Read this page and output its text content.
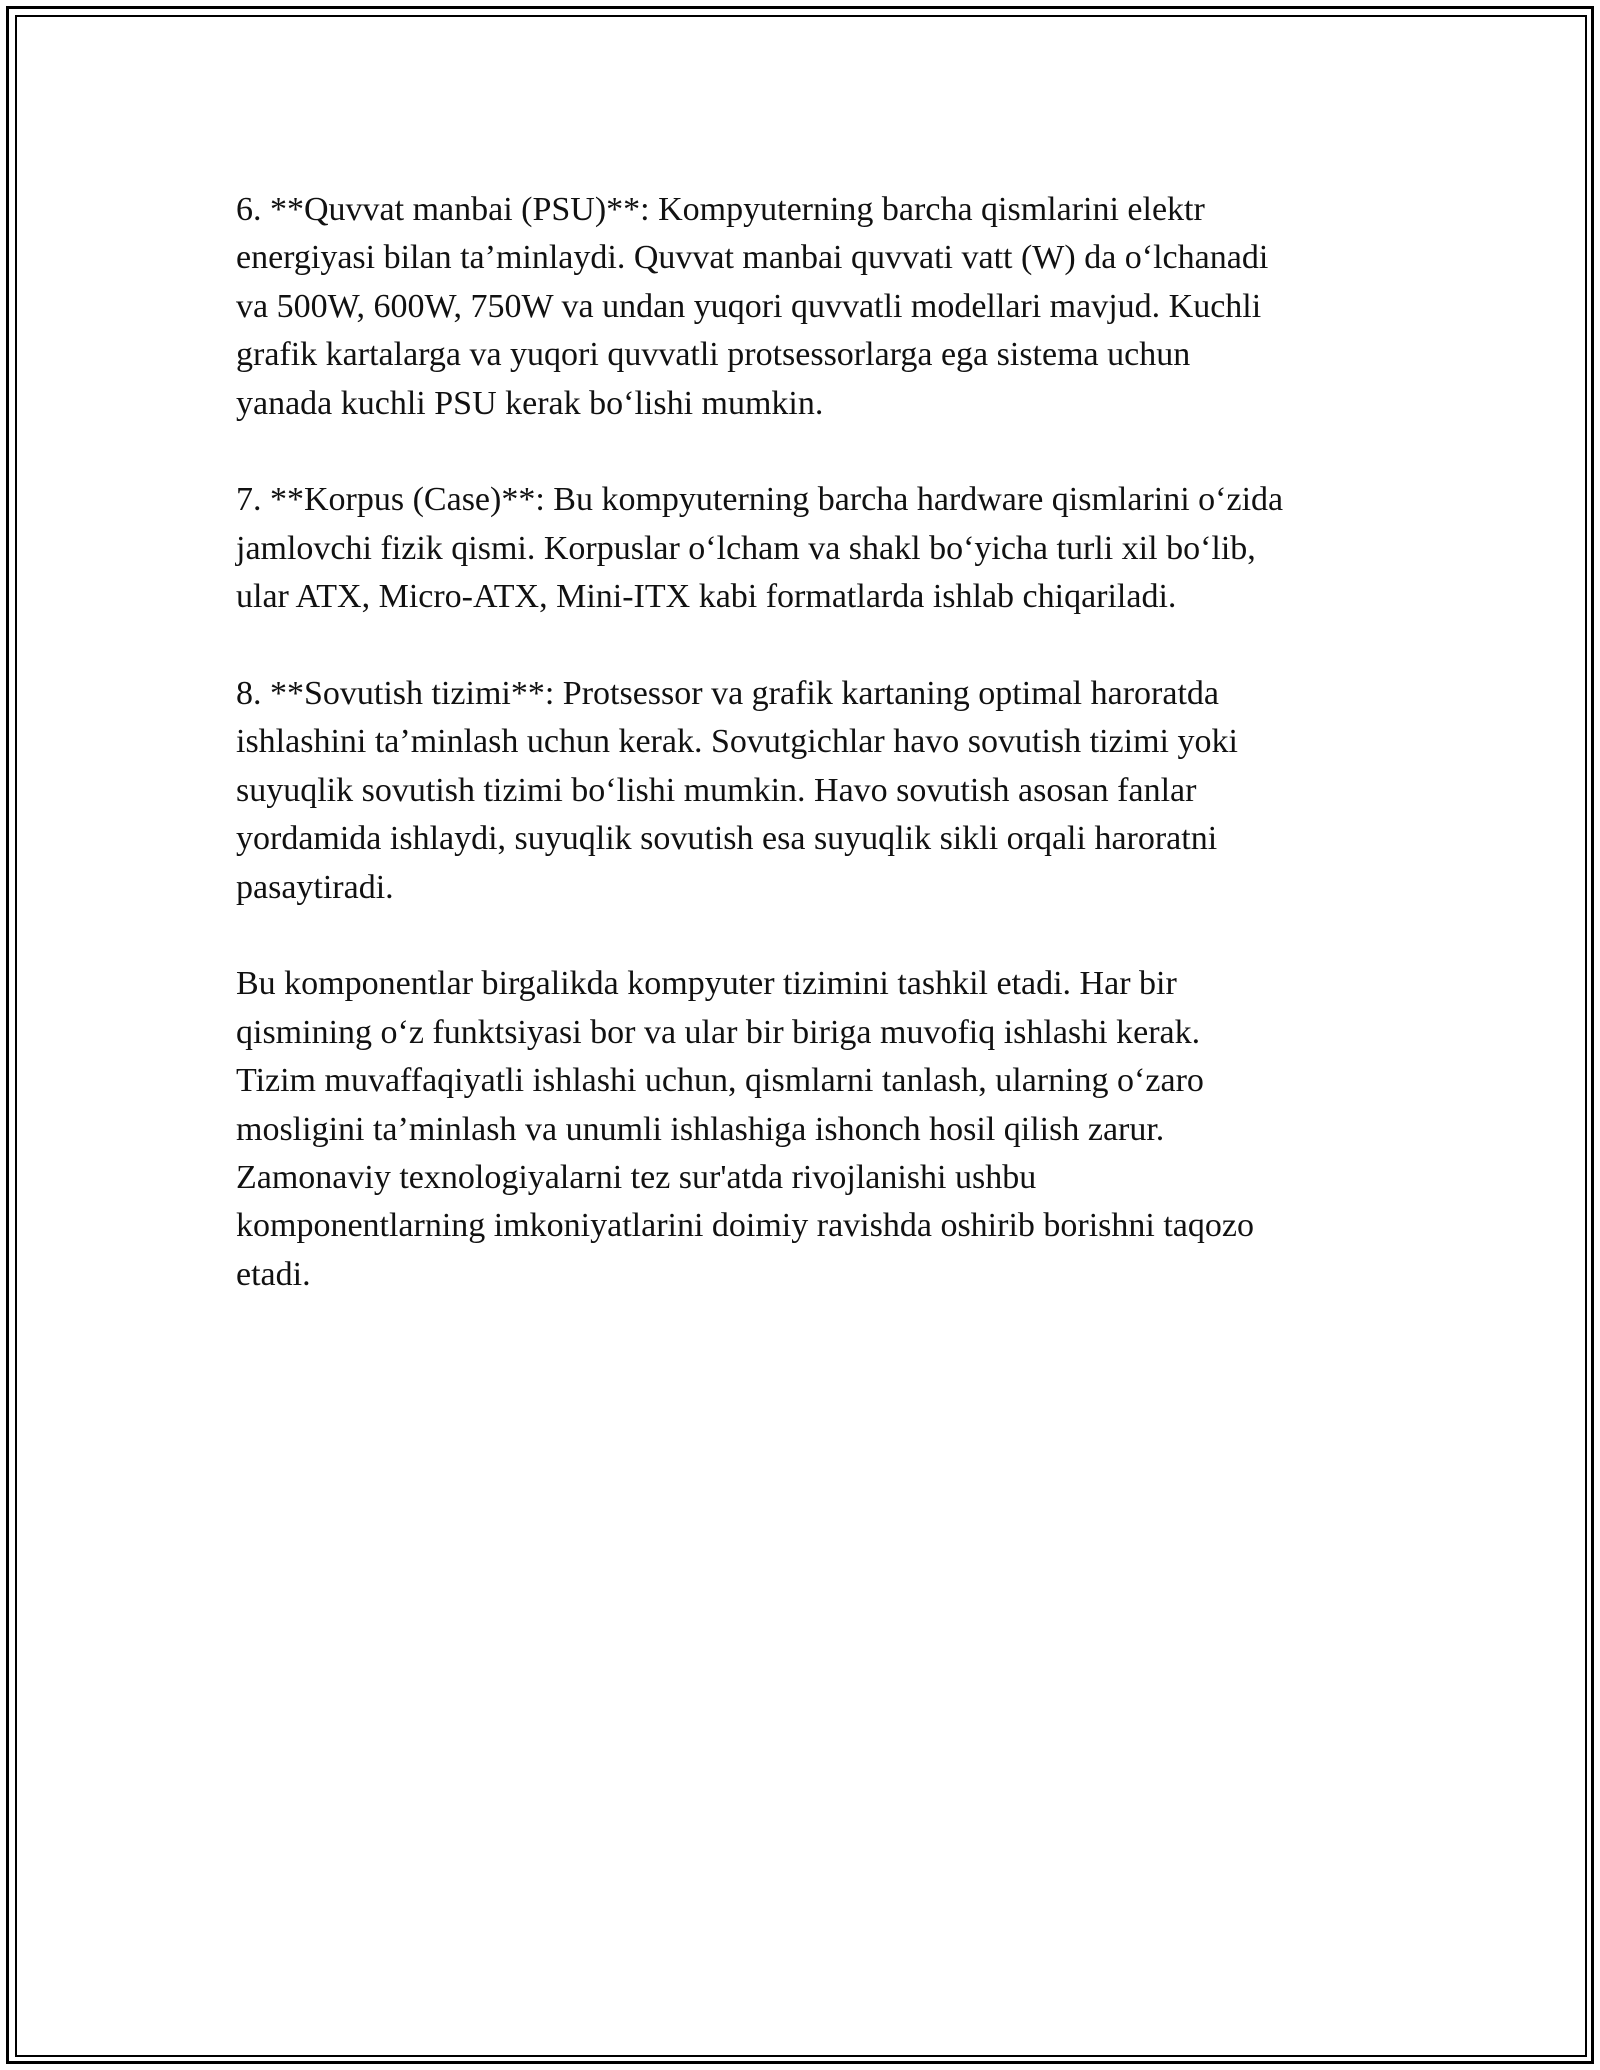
6. **Quvvat manbai (PSU)**: Kompyuterning barcha qismlarini elektr
energiyasi bilan ta’minlaydi. Quvvat manbai quvvati vatt (W) da o‘lchanadi
va 500W, 600W, 750W va undan yuqori quvvatli modellari mavjud. Kuchli
grafik kartalarga va yuqori quvvatli protsessorlarga ega sistema uchun
yanada kuchli PSU kerak bo‘lishi mumkin.

7. **Korpus (Case)**: Bu kompyuterning barcha hardware qismlarini o‘zida
jamlovchi fizik qismi. Korpuslar o‘lcham va shakl bo‘yicha turli xil bo‘lib,
ular ATX, Micro-ATX, Mini-ITX kabi formatlarda ishlab chiqariladi.

8. **Sovutish tizimi**: Protsessor va grafik kartaning optimal haroratda
ishlashini ta’minlash uchun kerak. Sovutgichlar havo sovutish tizimi yoki
suyuqlik sovutish tizimi bo‘lishi mumkin. Havo sovutish asosan fanlar
yordamida ishlaydi, suyuqlik sovutish esa suyuqlik sikli orqali haroratni
pasaytiradi.

Bu komponentlar birgalikda kompyuter tizimini tashkil etadi. Har bir
qismining o‘z funktsiyasi bor va ular bir biriga muvofiq ishlashi kerak.
Tizim muvaffaqiyatli ishlashi uchun, qismlarni tanlash, ularning o‘zaro
mosligini ta’minlash va unumli ishlashiga ishonch hosil qilish zarur.
Zamonaviy texnologiyalarni tez sur'atda rivojlanishi ushbu
komponentlarning imkoniyatlarini doimiy ravishda oshirib borishni taqozo
etadi.
